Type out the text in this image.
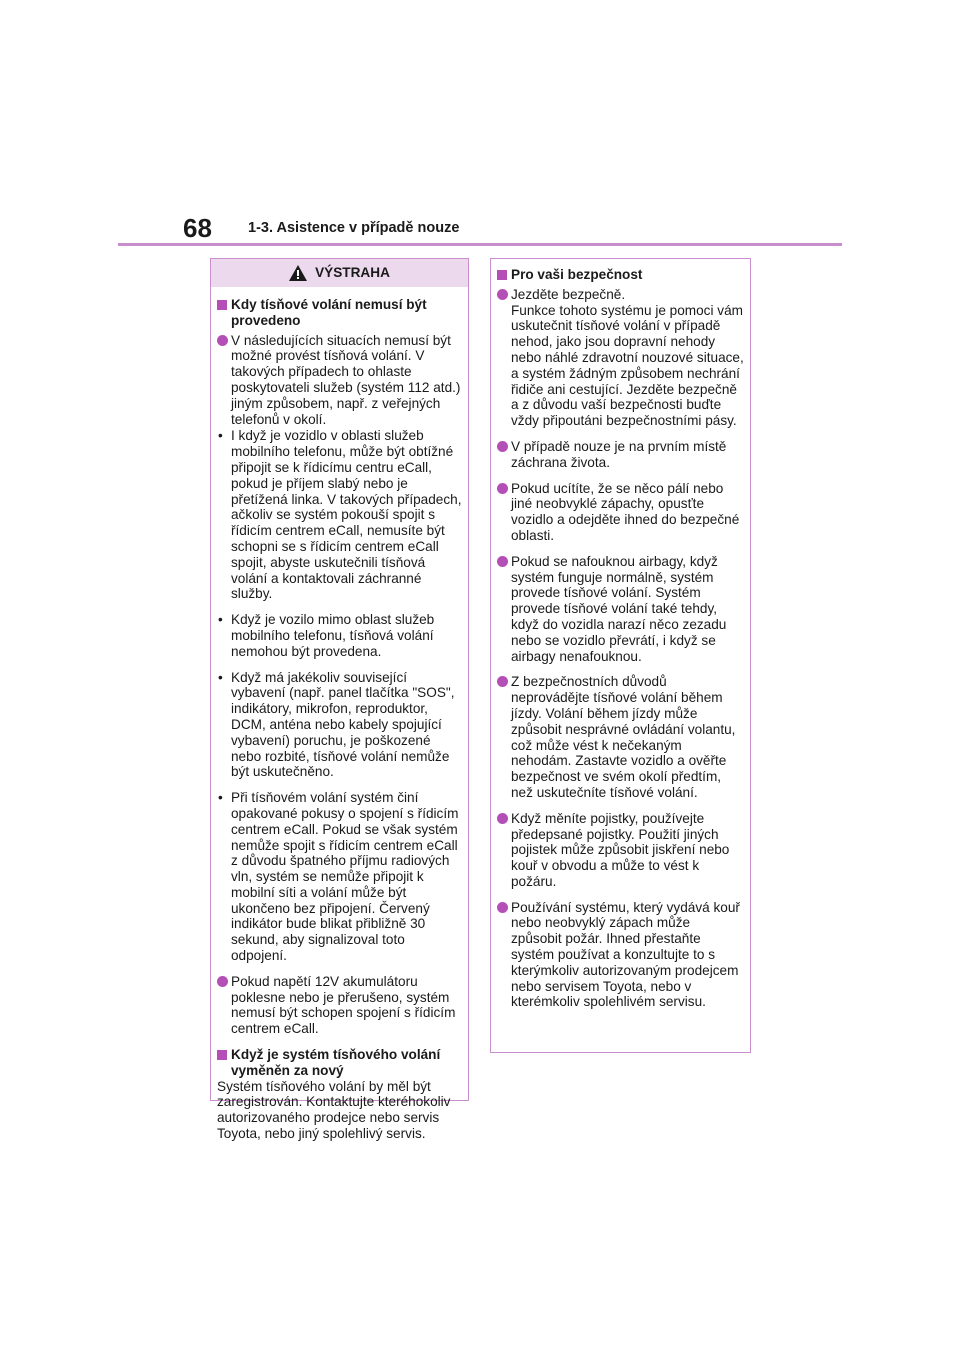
68 1-3. Asistence v případě nouze
VÝSTRAHA
Kdy tísňové volání nemusí být provedeno
V následujících situacích nemusí být možné provést tísňová volání. V takových případech to ohlaste poskytovateli služeb (systém 112 atd.) jiným způsobem, např. z veřejných telefonů v okolí.
• I když je vozidlo v oblasti služeb mobilního telefonu, může být obtížné připojit se k řídicímu centru eCall, pokud je příjem slabý nebo je přetížená linka. V takových případech, ačkoliv se systém pokouší spojit s řídicím centrem eCall, nemusíte být schopni se s řídicím centrem eCall spojit, abyste uskutečnili tísňová volání a kontaktovali záchranné služby.
• Když je vozilo mimo oblast služeb mobilního telefonu, tísňová volání nemohou být provedena.
• Když má jakékoliv související vybavení (např. panel tlačítka "SOS", indikátory, mikrofon, reproduktor, DCM, anténa nebo kabely spojující vybavení) poruchu, je poškozené nebo rozbité, tísňové volání nemůže být uskutečněno.
• Při tísňovém volání systém činí opakované pokusy o spojení s řídicím centrem eCall. Pokud se však systém nemůže spojit s řídicím centrem eCall z důvodu špatného příjmu radiových vln, systém se nemůže připojit k mobilní síti a volání může být ukončeno bez připojení. Červený indikátor bude blikat přibližně 30 sekund, aby signalizoval toto odpojení.
Pokud napětí 12V akumulátoru poklesne nebo je přerušeno, systém nemusí být schopen spojení s řídicím centrem eCall.
Když je systém tísňového volání vyměněn za nový
Systém tísňového volání by měl být zaregistrován. Kontaktujte kteréhokoliv autorizovaného prodejce nebo servis Toyota, nebo jiný spolehlivý servis.
Pro vaši bezpečnost
Jezděte bezpečně.
Funkce tohoto systému je pomoci vám uskutečnit tísňové volání v případě nehod, jako jsou dopravní nehody nebo náhlé zdravotní nouzové situace, a systém žádným způsobem nechrání řidiče ani cestující. Jezděte bezpečně a z důvodu vaší bezpečnosti buďte vždy připoutáni bezpečnostními pásy.
V případě nouze je na prvním místě záchrana života.
Pokud ucítíte, že se něco pálí nebo jiné neobvyklé zápachy, opusťte vozidlo a odejděte ihned do bezpečné oblasti.
Pokud se nafouknou airbagy, když systém funguje normálně, systém provede tísňové volání. Systém provede tísňové volání také tehdy, když do vozidla narazí něco zezadu nebo se vozidlo převrátí, i když se airbagy nenafouknou.
Z bezpečnostních důvodů neprovádějte tísňové volání během jízdy. Volání během jízdy může způsobit nesprávné ovládání volantu, což může vést k nečekaným nehodám. Zastavte vozidlo a ověřte bezpečnost ve svém okolí předtím, než uskutečníte tísňové volání.
Když měníte pojistky, používejte předepsané pojistky. Použití jiných pojistek může způsobit jiskření nebo kouř v obvodu a může to vést k požáru.
Používání systému, který vydává kouř nebo neobvyklý zápach může způsobit požár. Ihned přestaňte systém používat a konzultujte to s kterýmkoliv autorizovaným prodejcem nebo servisem Toyota, nebo v kterémkoliv spolehlivém servisu.
